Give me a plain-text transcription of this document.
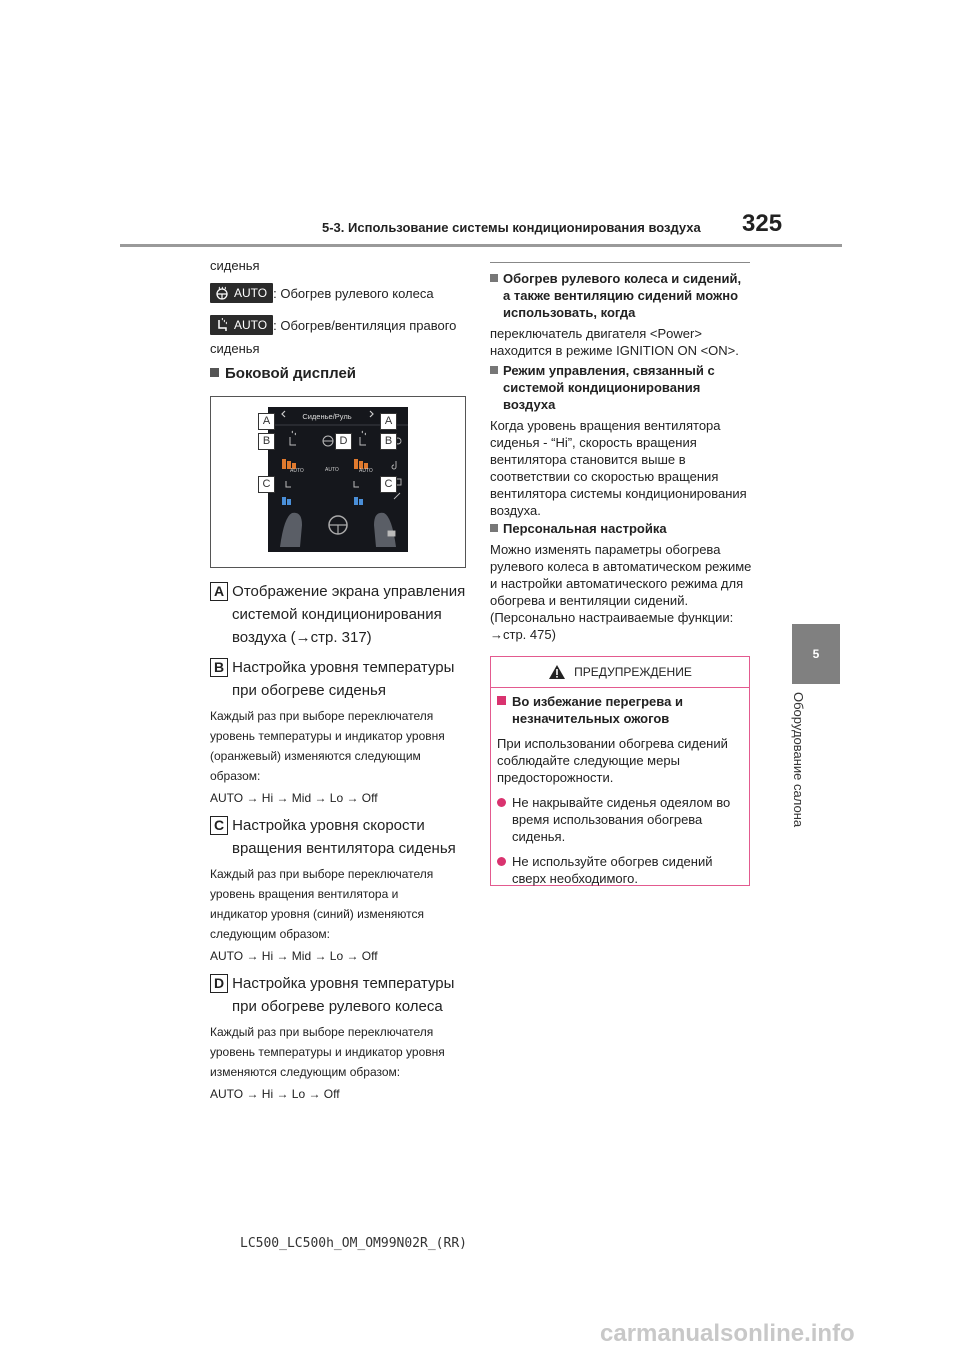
5-3. Использование системы кондиционирования воздуха 325
5
Оборудование салона
сиденья
AUTO : Обогрев рулевого колеса
AUTO : Обогрев/вентиляция правого
сиденья
Боковой дисплей
Сиденье/Руль
AUTO	AUTO	AUTO
A	A
B	D	B
C	C
A Отображение экрана управления
системой кондиционирования
воздуха (→стр. 317)
B Настройка уровня температуры
при обогреве сиденья
Каждый раз при выборе переключателя
уровень температуры и индикатор уровня
(оранжевый) изменяются следующим
образом:
AUTO → Hi → Mid → Lo → Off
C Настройка уровня скорости
вращения вентилятора сиденья
Каждый раз при выборе переключателя
уровень вращения вентилятора и
индикатор уровня (синий) изменяются
следующим образом:
AUTO → Hi → Mid → Lo → Off
D Настройка уровня температуры
при обогреве рулевого колеса
Каждый раз при выборе переключателя
уровень температуры и индикатор уровня
изменяются следующим образом:
AUTO → Hi → Lo → Off
Обогрев рулевого колеса и сидений,
а также вентиляцию сидений можно
использовать, когда
переключатель двигателя <Power>
находится в режиме IGNITION ON <ON>.
Режим управления, связанный с
системой кондиционирования
воздуха
Когда уровень вращения вентилятора
сиденья - “Hi”, скорость вращения
вентилятора становится выше в
соответствии со скоростью вращения
вентилятора системы кондиционирования
воздуха.
Персональная настройка
Можно изменять параметры обогрева
рулевого колеса в автоматическом режиме
и настройки автоматического режима для
обогрева и вентиляции сидений.
(Персонально настраиваемые функции:
→стр. 475)
ПРЕДУПРЕЖДЕНИЕ
Во избежание перегрева и
незначительных ожогов
При использовании обогрева сидений
соблюдайте следующие меры
предосторожности.
Не накрывайте сиденья одеялом во
время использования обогрева
сиденья.
Не используйте обогрев сидений
сверх необходимого.
LC500_LC500h_OM_OM99N02R_(RR)
carmanualsonline.info
